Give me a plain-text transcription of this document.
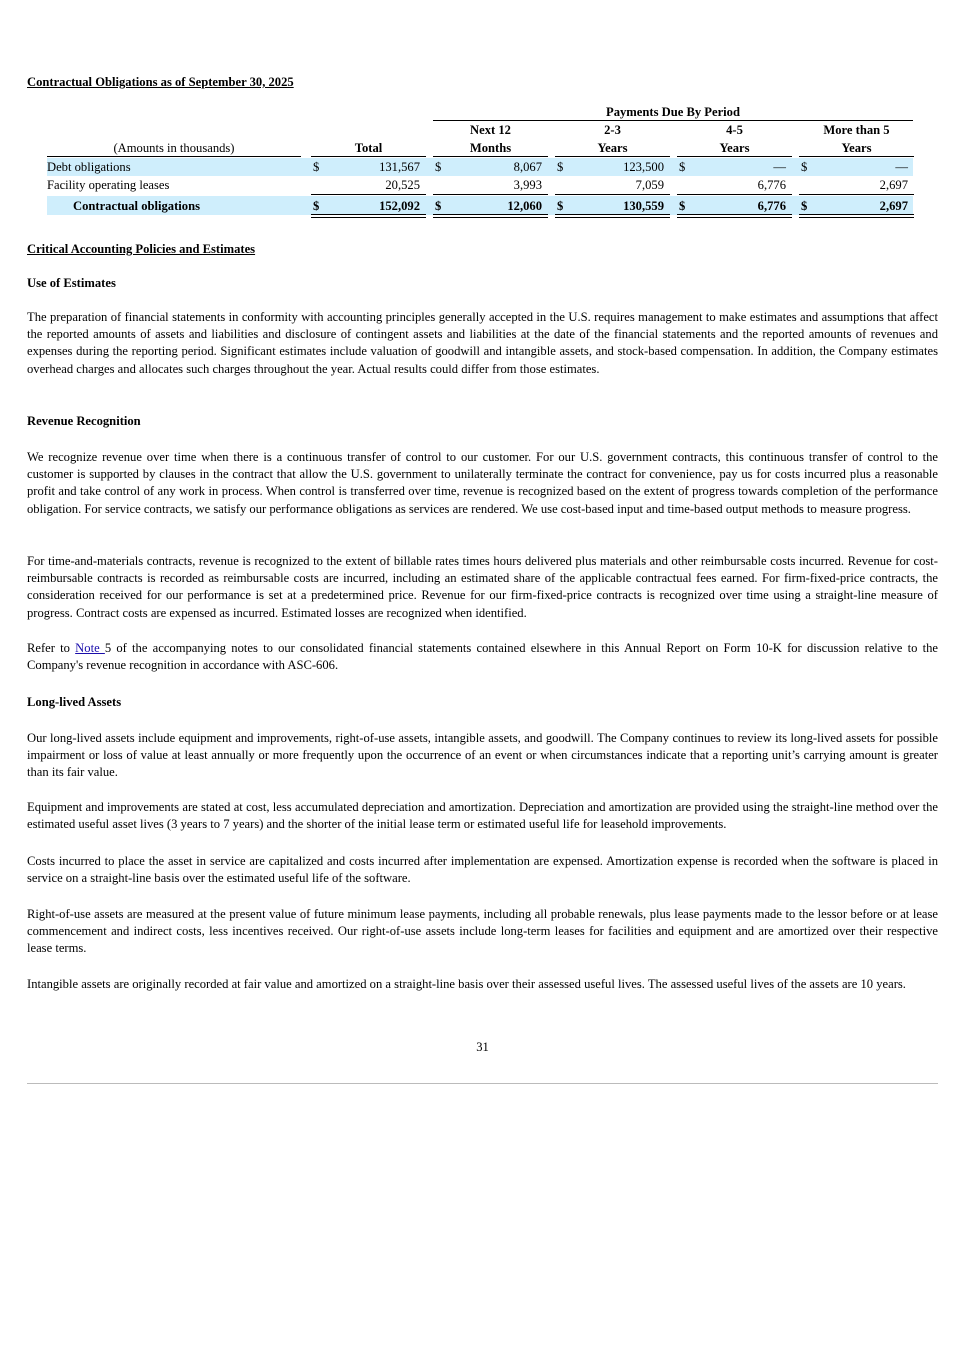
Contractual Obligations as of September 30, 2025
Payments Due By Period
Next 12	2-3	4-5	More than 5
(Amounts in thousands)	Total	Months	Years	Years	Years
Debt obligations	$	131,567 $	8,067 $	123,500 $	— $	—
Facility operating leases	20,525	3,993	7,059	6,776	2,697
Contractual obligations	$	152,092 $	12,060 $	130,559 $	6,776 $	2,697
Critical Accounting Policies and Estimates
Use of Estimates

The preparation of financial statements in conformity with accounting principles generally accepted in the U.S. requires management to make estimates and assumptions that affect the reported amounts of assets and liabilities and disclosure of contingent assets and liabilities at the date of the financial statements and the reported amounts of revenues and expenses during the reporting period. Significant estimates include valuation of goodwill and intangible assets, and stock-based compensation. In addition, the Company estimates overhead charges and allocates such charges throughout the year. Actual results could differ from those estimates.

Revenue Recognition

We recognize revenue over time when there is a continuous transfer of control to our customer. For our U.S. government contracts, this continuous transfer of control to the customer is supported by clauses in the contract that allow the U.S. government to unilaterally terminate the contract for convenience, pay us for costs incurred plus a reasonable profit and take control of any work in process. When control is transferred over time, revenue is recognized based on the extent of progress towards completion of the performance obligation. For service contracts, we satisfy our performance obligations as services are rendered. We use cost-based input and time-based output methods to measure progress.

For time-and-materials contracts, revenue is recognized to the extent of billable rates times hours delivered plus materials and other reimbursable costs incurred. Revenue for cost-reimbursable contracts is recorded as reimbursable costs are incurred, including an estimated share of the applicable contractual fees earned. For firm-fixed-price contracts, the consideration received for our performance is set at a predetermined price. Revenue for our firm-fixed-price contracts is recognized over time using a straight-line measure of progress. Contract costs are expensed as incurred. Estimated losses are recognized when identified.

Refer to Note 5 of the accompanying notes to our consolidated financial statements contained elsewhere in this Annual Report on Form 10-K for discussion relative to the Company's revenue recognition in accordance with ASC-606.

Long-lived Assets

Our long-lived assets include equipment and improvements, right-of-use assets, intangible assets, and goodwill. The Company continues to review its long-lived assets for possible impairment or loss of value at least annually or more frequently upon the occurrence of an event or when circumstances indicate that a reporting unit’s carrying amount is greater than its fair value.

Equipment and improvements are stated at cost, less accumulated depreciation and amortization. Depreciation and amortization are provided using the straight-line method over the estimated useful asset lives (3 years to 7 years) and the shorter of the initial lease term or estimated useful life for leasehold improvements.

Costs incurred to place the asset in service are capitalized and costs incurred after implementation are expensed. Amortization expense is recorded when the software is placed in service on a straight-line basis over the estimated useful life of the software.

Right-of-use assets are measured at the present value of future minimum lease payments, including all probable renewals, plus lease payments made to the lessor before or at lease commencement and indirect costs, less incentives received. Our right-of-use assets include long-term leases for facilities and equipment and are amortized over their respective lease terms.

Intangible assets are originally recorded at fair value and amortized on a straight-line basis over their assessed useful lives. The assessed useful lives of the assets are 10 years.

31
